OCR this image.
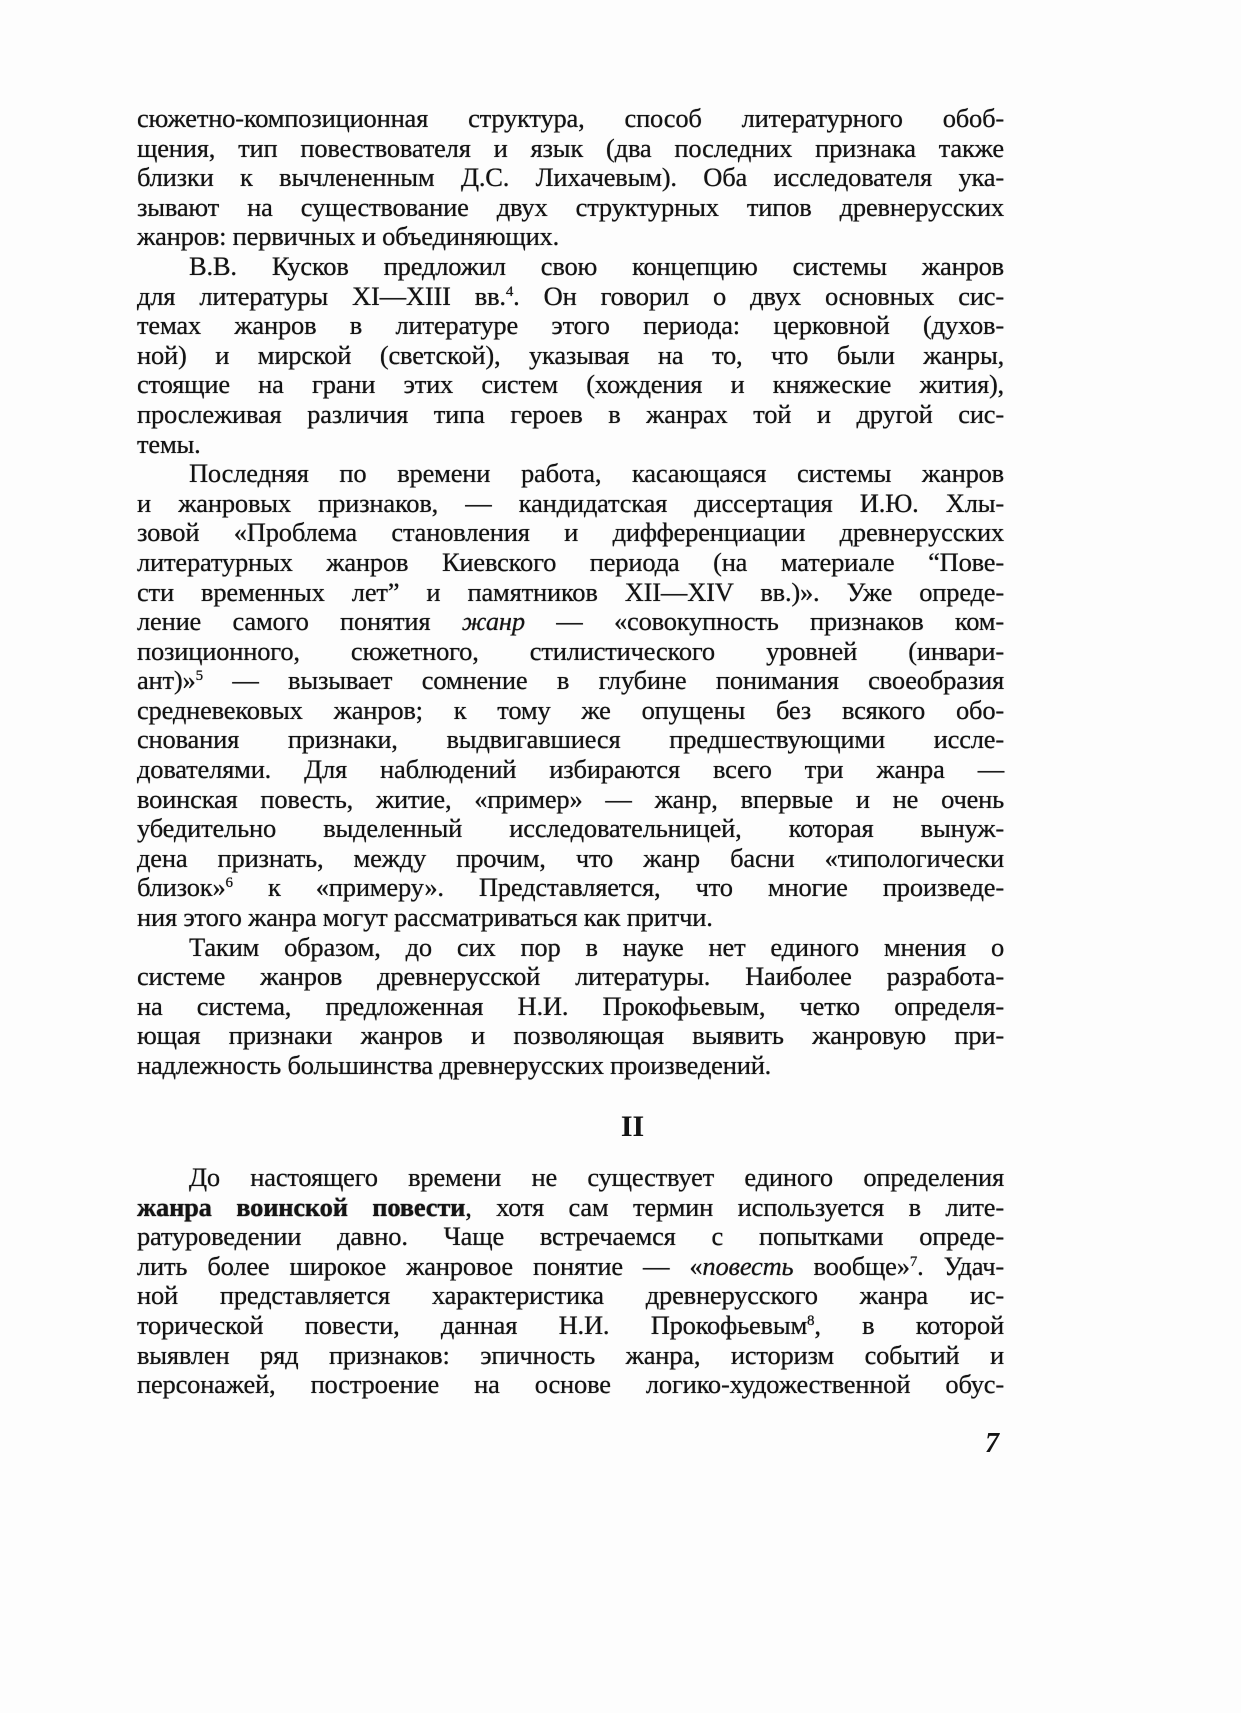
сюжетно-композиционная структура, способ литературного обоб-
щения, тип повествователя и язык (два последних признака также
близки к вычлененным Д.С. Лихачевым). Оба исследователя ука-
зывают на существование двух структурных типов древнерусских
жанров: первичных и объединяющих.
В.В. Кусков предложил свою концепцию системы жанров
для литературы XI—XIII вв.$^4$. Он говорил о двух основных сис-
темах жанров в литературе этого периода: церковной (духов-
ной) и мирской (светской), указывая на то, что были жанры,
стоящие на грани этих систем (хождения и княжеские жития),
прослеживая различия типа героев в жанрах той и другой сис-
темы.
Последняя по времени работа, касающаяся системы жанров
и жанровых признаков, — кандидатская диссертация И.Ю. Хлы-
зовой «Проблема становления и дифференциации древнерусских
литературных жанров Киевского периода (на материале “Пове-
сти временных лет” и памятников XII—XIV вв.)». Уже опреде-
ление самого понятия жанр — «совокупность признаков ком-
позиционного, сюжетного, стилистического уровней (инвари-
ант)»$^5$ — вызывает сомнение в глубине понимания своеобразия
средневековых жанров; к тому же опущены без всякого обо-
снования признаки, выдвигавшиеся предшествующими иссле-
дователями. Для наблюдений избираются всего три жанра —
воинская повесть, житие, «пример» — жанр, впервые и не очень
убедительно выделенный исследовательницей, которая вынуж-
дена признать, между прочим, что жанр басни «типологически
близок»$^6$ к «примеру». Представляется, что многие произведе-
ния этого жанра могут рассматриваться как притчи.
Таким образом, до сих пор в науке нет единого мнения о
системе жанров древнерусской литературы. Наиболее разработа-
на система, предложенная Н.И. Прокофьевым, четко определя-
ющая признаки жанров и позволяющая выявить жанровую при-
надлежность большинства древнерусских произведений.
II
До настоящего времени не существует единого определения
жанра воинской повести, хотя сам термин используется в лите-
ратуроведении давно. Чаще встречаемся с попытками опреде-
лить более широкое жанровое понятие — «повесть вообще»$^7$. Удач-
ной представляется характеристика древнерусского жанра ис-
торической повести, данная Н.И. Прокофьевым$^8$, в которой
выявлен ряд признаков: эпичность жанра, историзм событий и
персонажей, построение на основе логико-художественной обус-
7
